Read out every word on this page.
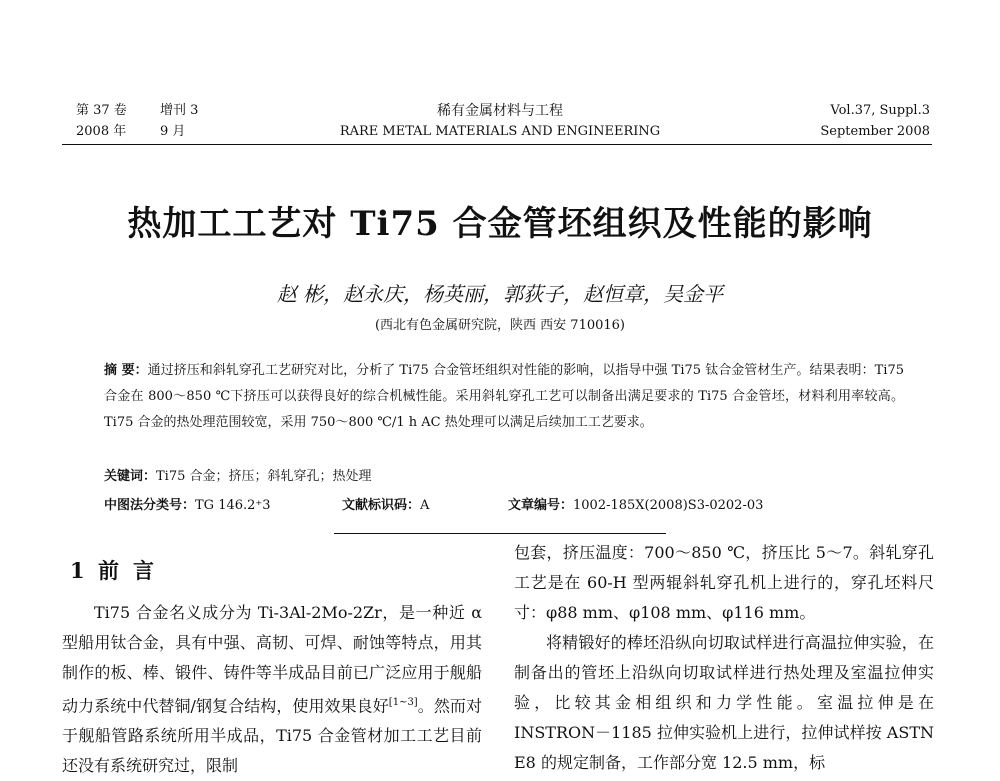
第 37 卷	增刊 3
2008 年	9 月
稀有金属材料与工程
RARE METAL MATERIALS AND ENGINEERING
Vol.37, Suppl.3
September 2008
热加工工艺对 Ti75 合金管坯组织及性能的影响
赵 彬，赵永庆，杨英丽，郭荻子，赵恒章，吴金平
(西北有色金属研究院，陕西 西安 710016)
摘 要：通过挤压和斜轧穿孔工艺研究对比，分析了 Ti75 合金管坯组织对性能的影响，以指导中强 Ti75 钛合金管材生产。结果表明：Ti75 合金在 800～850 ℃下挤压可以获得良好的综合机械性能。采用斜轧穿孔工艺可以制备出满足要求的 Ti75 合金管坯，材料利用率较高。Ti75 合金的热处理范围较宽，采用 750～800 ℃/1 h AC 热处理可以满足后续加工工艺要求。
关键词：Ti75 合金；挤压；斜轧穿孔；热处理
中图法分类号：TG 146.2⁺3	文献标识码：A	文章编号：1002-185X(2008)S3-0202-03
1 前言

Ti75 合金名义成分为 Ti-3Al-2Mo-2Zr，是一种近 α 型船用钛合金，具有中强、高韧、可焊、耐蚀等特点，用其制作的板、棒、锻件、铸件等半成品目前已广泛应用于舰船动力系统中代替铜/钢复合结构，使用效果良好[1~3]。然而对于舰船管路系统所用半成品，Ti75 合金管材加工工艺目前还没有系统研究过，限制

包套，挤压温度：700～850 ℃，挤压比 5～7。斜轧穿孔工艺是在 60-H 型两辊斜轧穿孔机上进行的，穿孔坯料尺寸：φ88 mm、φ108 mm、φ116 mm。

将精锻好的棒坯沿纵向切取试样进行高温拉伸实验，在制备出的管坯上沿纵向切取试样进行热处理及室温拉伸实验，比较其金相组织和力学性能。室温拉伸是在 INSTRON－1185 拉伸实验机上进行，拉伸试样按 ASTN E8 的规定制备，工作部分宽 12.5 mm，标
